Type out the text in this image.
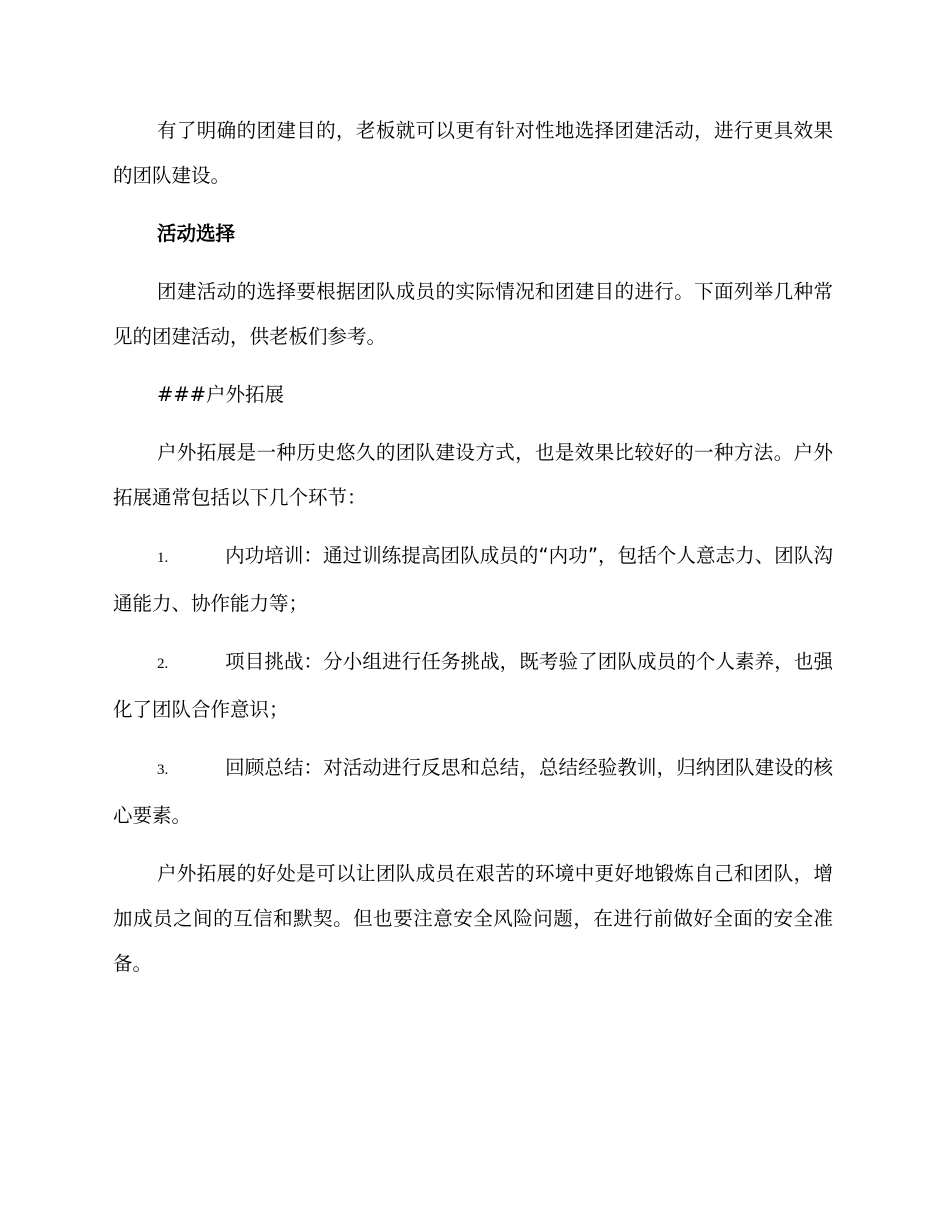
有了明确的团建目的，老板就可以更有针对性地选择团建活动，进行更具效果的团队建设。

活动选择

团建活动的选择要根据团队成员的实际情况和团建目的进行。下面列举几种常见的团建活动，供老板们参考。

###户外拓展

户外拓展是一种历史悠久的团队建设方式，也是效果比较好的一种方法。户外拓展通常包括以下几个环节：

1.	内功培训：通过训练提高团队成员的“内功”，包括个人意志力、团队沟通能力、协作能力等；

2.	项目挑战：分小组进行任务挑战，既考验了团队成员的个人素养，也强化了团队合作意识；

3.	回顾总结：对活动进行反思和总结，总结经验教训，归纳团队建设的核心要素。

户外拓展的好处是可以让团队成员在艰苦的环境中更好地锻炼自己和团队，增加成员之间的互信和默契。但也要注意安全风险问题，在进行前做好全面的安全准备。
